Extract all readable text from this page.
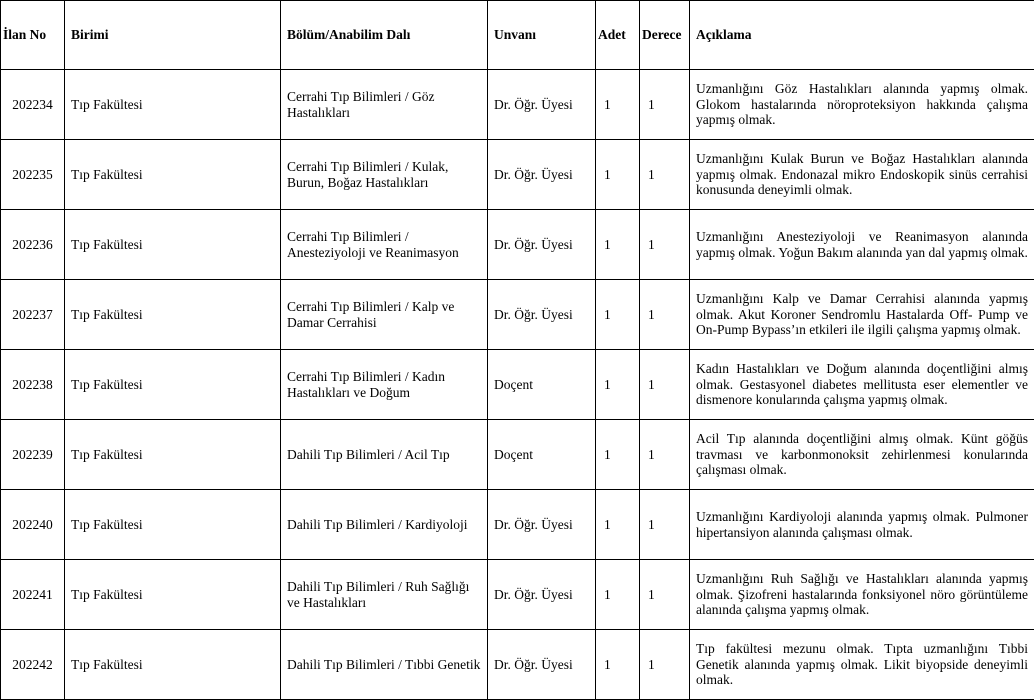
İlan No	Birimi	Bölüm/Anabilim Dalı	Unvanı	Adet	Derece	Açıklama
202234	Tıp Fakültesi	Cerrahi Tıp Bilimleri / Göz Hastalıkları	Dr. Öğr. Üyesi	1	1	Uzmanlığını Göz Hastalıkları alanında yapmış olmak. Glokom hastalarında nöroproteksiyon hakkında çalışma yapmış olmak.
202235	Tıp Fakültesi	Cerrahi Tıp Bilimleri / Kulak, Burun, Boğaz Hastalıkları	Dr. Öğr. Üyesi	1	1	Uzmanlığını Kulak Burun ve Boğaz Hastalıkları alanında yapmış olmak. Endonazal mikro Endoskopik sinüs cerrahisi konusunda deneyimli olmak.
202236	Tıp Fakültesi	Cerrahi Tıp Bilimleri / Anesteziyoloji ve Reanimasyon	Dr. Öğr. Üyesi	1	1	Uzmanlığını Anesteziyoloji ve Reanimasyon alanında yapmış olmak. Yoğun Bakım alanında yan dal yapmış olmak.
202237	Tıp Fakültesi	Cerrahi Tıp Bilimleri / Kalp ve Damar Cerrahisi	Dr. Öğr. Üyesi	1	1	Uzmanlığını Kalp ve Damar Cerrahisi alanında yapmış olmak. Akut Koroner Sendromlu Hastalarda Off- Pump ve On-Pump Bypass’ın etkileri ile ilgili çalışma yapmış olmak.
202238	Tıp Fakültesi	Cerrahi Tıp Bilimleri / Kadın Hastalıkları ve Doğum	Doçent	1	1	Kadın Hastalıkları ve Doğum alanında doçentliğini almış olmak. Gestasyonel diabetes mellitusta eser elementler ve dismenore konularında çalışma yapmış olmak.
202239	Tıp Fakültesi	Dahili Tıp Bilimleri / Acil Tıp	Doçent	1	1	Acil Tıp alanında doçentliğini almış olmak. Künt göğüs travması ve karbonmonoksit zehirlenmesi konularında çalışması olmak.
202240	Tıp Fakültesi	Dahili Tıp Bilimleri / Kardiyoloji	Dr. Öğr. Üyesi	1	1	Uzmanlığını Kardiyoloji alanında yapmış olmak. Pulmoner hipertansiyon alanında çalışması olmak.
202241	Tıp Fakültesi	Dahili Tıp Bilimleri / Ruh Sağlığı ve Hastalıkları	Dr. Öğr. Üyesi	1	1	Uzmanlığını Ruh Sağlığı ve Hastalıkları alanında yapmış olmak. Şizofreni hastalarında fonksiyonel nöro görüntüleme alanında çalışma yapmış olmak.
202242	Tıp Fakültesi	Dahili Tıp Bilimleri / Tıbbi Genetik	Dr. Öğr. Üyesi	1	1	Tıp fakültesi mezunu olmak. Tıpta uzmanlığını Tıbbi Genetik alanında yapmış olmak. Likit biyopside deneyimli olmak.
